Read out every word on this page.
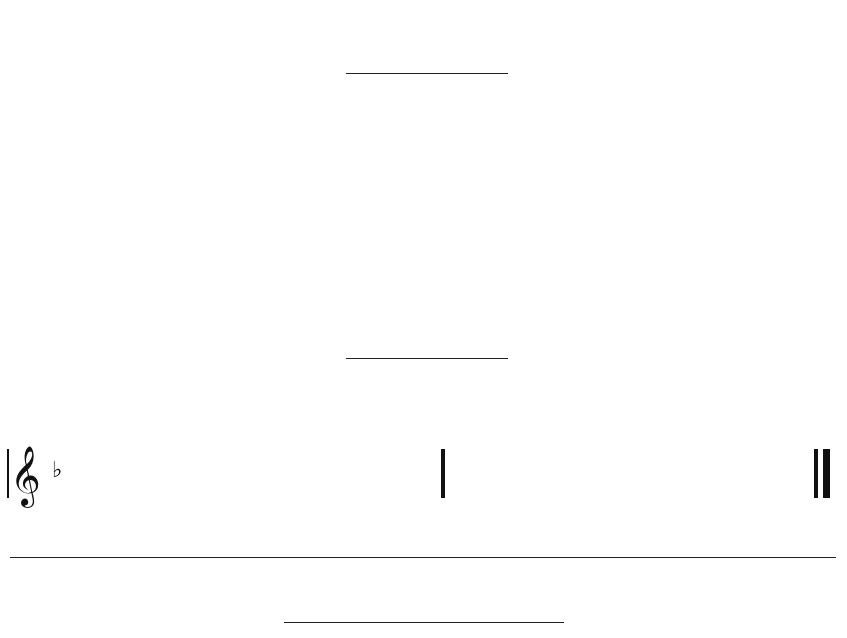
𝄞 ♭
